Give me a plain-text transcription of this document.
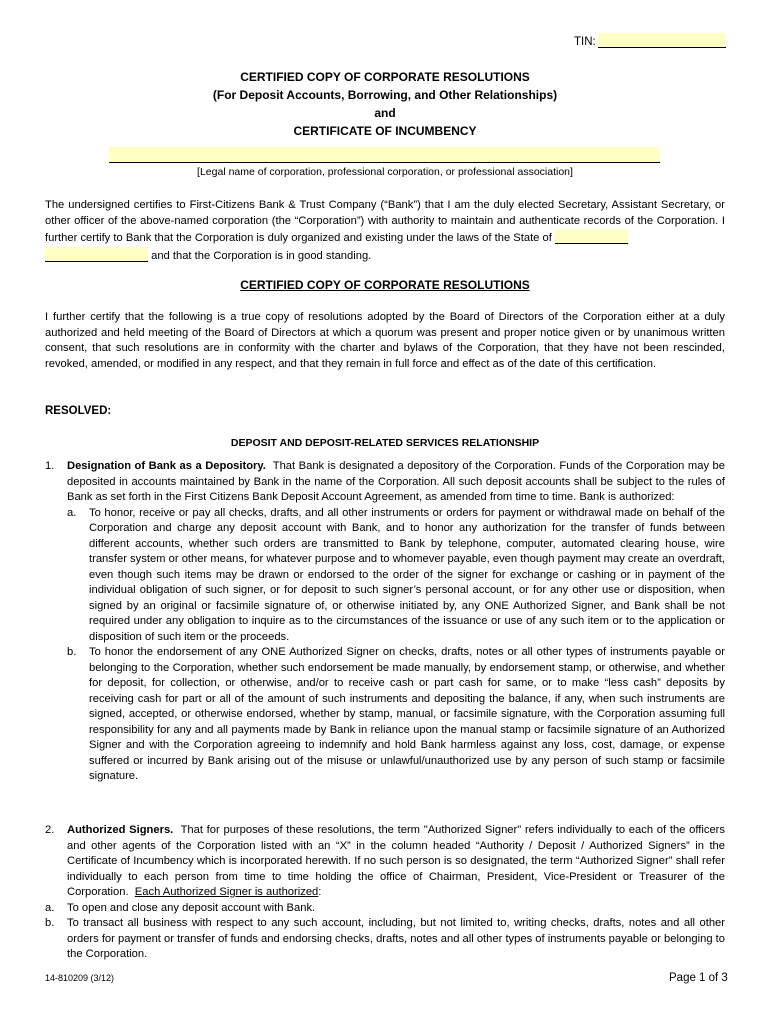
TIN:
CERTIFIED COPY OF CORPORATE RESOLUTIONS
(For Deposit Accounts, Borrowing, and Other Relationships)
and
CERTIFICATE OF INCUMBENCY
[Legal name of corporation, professional corporation, or professional association]

The undersigned certifies to First-Citizens Bank & Trust Company (“Bank”) that I am the duly elected Secretary, Assistant Secretary, or other officer of the above-named corporation (the “Corporation”) with authority to maintain and authenticate records of the Corporation. I further certify to Bank that the Corporation is duly organized and existing under the laws of the State of
and that the Corporation is in good standing.

CERTIFIED COPY OF CORPORATE RESOLUTIONS

I further certify that the following is a true copy of resolutions adopted by the Board of Directors of the Corporation either at a duly authorized and held meeting of the Board of Directors at which a quorum was present and proper notice given or by unanimous written consent, that such resolutions are in conformity with the charter and bylaws of the Corporation, that they have not been rescinded, revoked, amended, or modified in any respect, and that they remain in full force and effect as of the date of this certification.

RESOLVED:
DEPOSIT AND DEPOSIT-RELATED SERVICES RELATIONSHIP
1. Designation of Bank as a Depository. That Bank is designated a depository of the Corporation. Funds of the Corporation may be deposited in accounts maintained by Bank in the name of the Corporation. All such deposit accounts shall be subject to the rules of Bank as set forth in the First Citizens Bank Deposit Account Agreement, as amended from time to time. Bank is authorized:
a. To honor, receive or pay all checks, drafts, and all other instruments or orders for payment or withdrawal made on behalf of the Corporation and charge any deposit account with Bank, and to honor any authorization for the transfer of funds between different accounts, whether such orders are transmitted to Bank by telephone, computer, automated clearing house, wire transfer system or other means, for whatever purpose and to whomever payable, even though payment may create an overdraft, even though such items may be drawn or endorsed to the order of the signer for exchange or cashing or in payment of the individual obligation of such signer, or for deposit to such signer’s personal account, or for any other use or disposition, when signed by an original or facsimile signature of, or otherwise initiated by, any ONE Authorized Signer, and Bank shall be not required under any obligation to inquire as to the circumstances of the issuance or use of any such item or to the application or disposition of such item or the proceeds.
b. To honor the endorsement of any ONE Authorized Signer on checks, drafts, notes or all other types of instruments payable or belonging to the Corporation, whether such endorsement be made manually, by endorsement stamp, or otherwise, and whether for deposit, for collection, or otherwise, and/or to receive cash or part cash for same, or to make “less cash” deposits by receiving cash for part or all of the amount of such instruments and depositing the balance, if any, when such instruments are signed, accepted, or otherwise endorsed, whether by stamp, manual, or facsimile signature, with the Corporation assuming full responsibility for any and all payments made by Bank in reliance upon the manual stamp or facsimile signature of an Authorized Signer and with the Corporation agreeing to indemnify and hold Bank harmless against any loss, cost, damage, or expense suffered or incurred by Bank arising out of the misuse or unlawful/unauthorized use by any person of such stamp or facsimile signature.
2. Authorized Signers. That for purposes of these resolutions, the term "Authorized Signer" refers individually to each of the officers and other agents of the Corporation listed with an “X” in the column headed “Authority / Deposit / Authorized Signers” in the Certificate of Incumbency which is incorporated herewith. If no such person is so designated, the term “Authorized Signer” shall refer individually to each person from time to time holding the office of Chairman, President, Vice-President or Treasurer of the Corporation. Each Authorized Signer is authorized:
a. To open and close any deposit account with Bank.
b. To transact all business with respect to any such account, including, but not limited to, writing checks, drafts, notes and all other orders for payment or transfer of funds and endorsing checks, drafts, notes and all other types of instruments payable or belonging to the Corporation.
14-810209 (3/12)	Page 1 of 3
